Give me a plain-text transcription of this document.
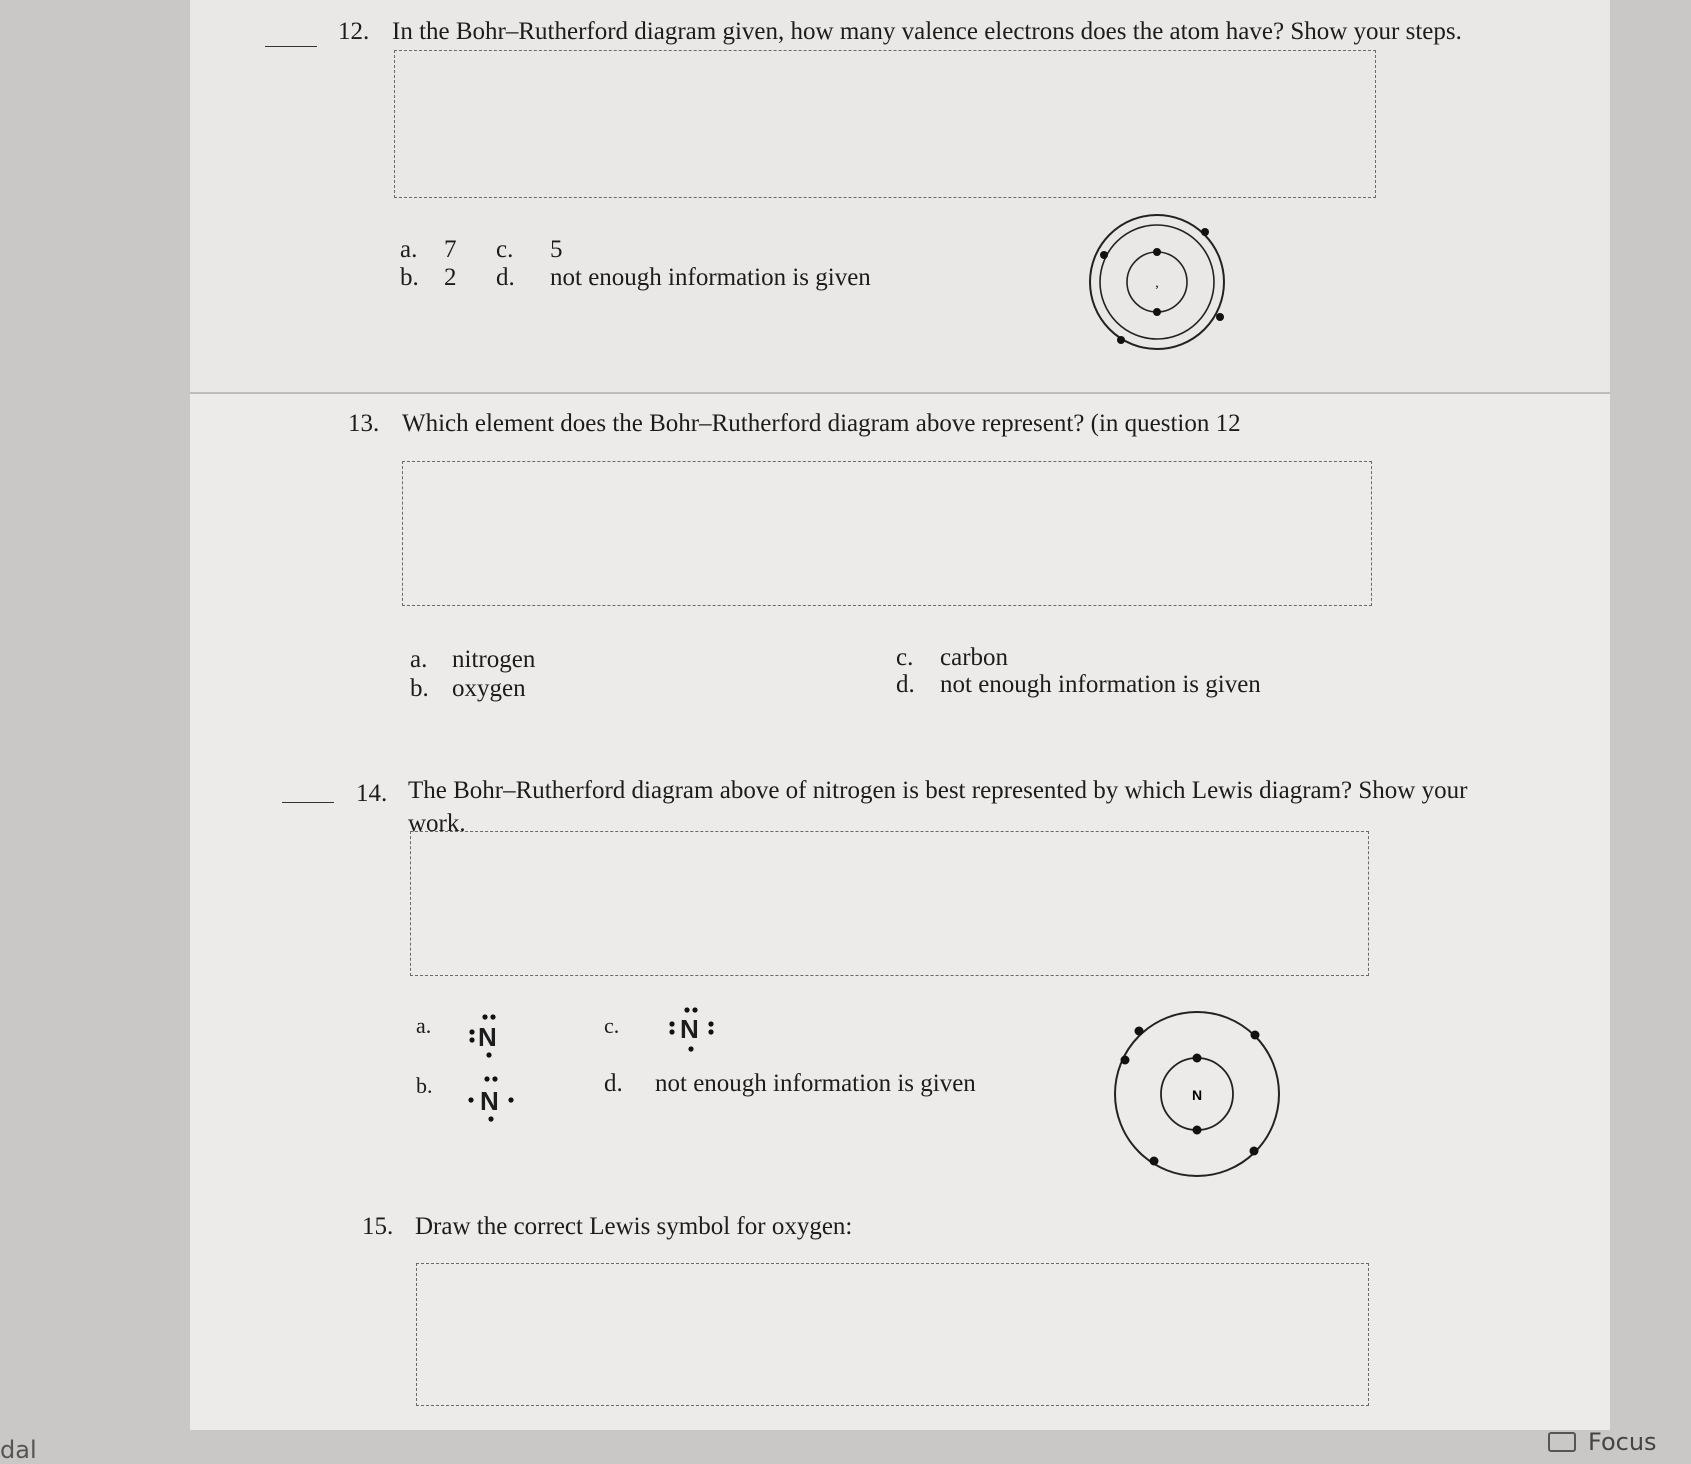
12. In the Bohr–Rutherford diagram given, how many valence electrons does the atom have? Show your steps.
a. 7
b. 2
c. 5
d. not enough information is given	,
13. Which element does the Bohr–Rutherford diagram above represent? (in question 12
a. nitrogen
b. oxygen
c. carbon
d. not enough information is given
14. The Bohr–Rutherford diagram above of nitrogen is best represented by which Lewis diagram? Show your
work.
a. N
b.
N
c. N
d. not enough information is given	N
15. Draw the correct Lewis symbol for oxygen:
dal	Focus
